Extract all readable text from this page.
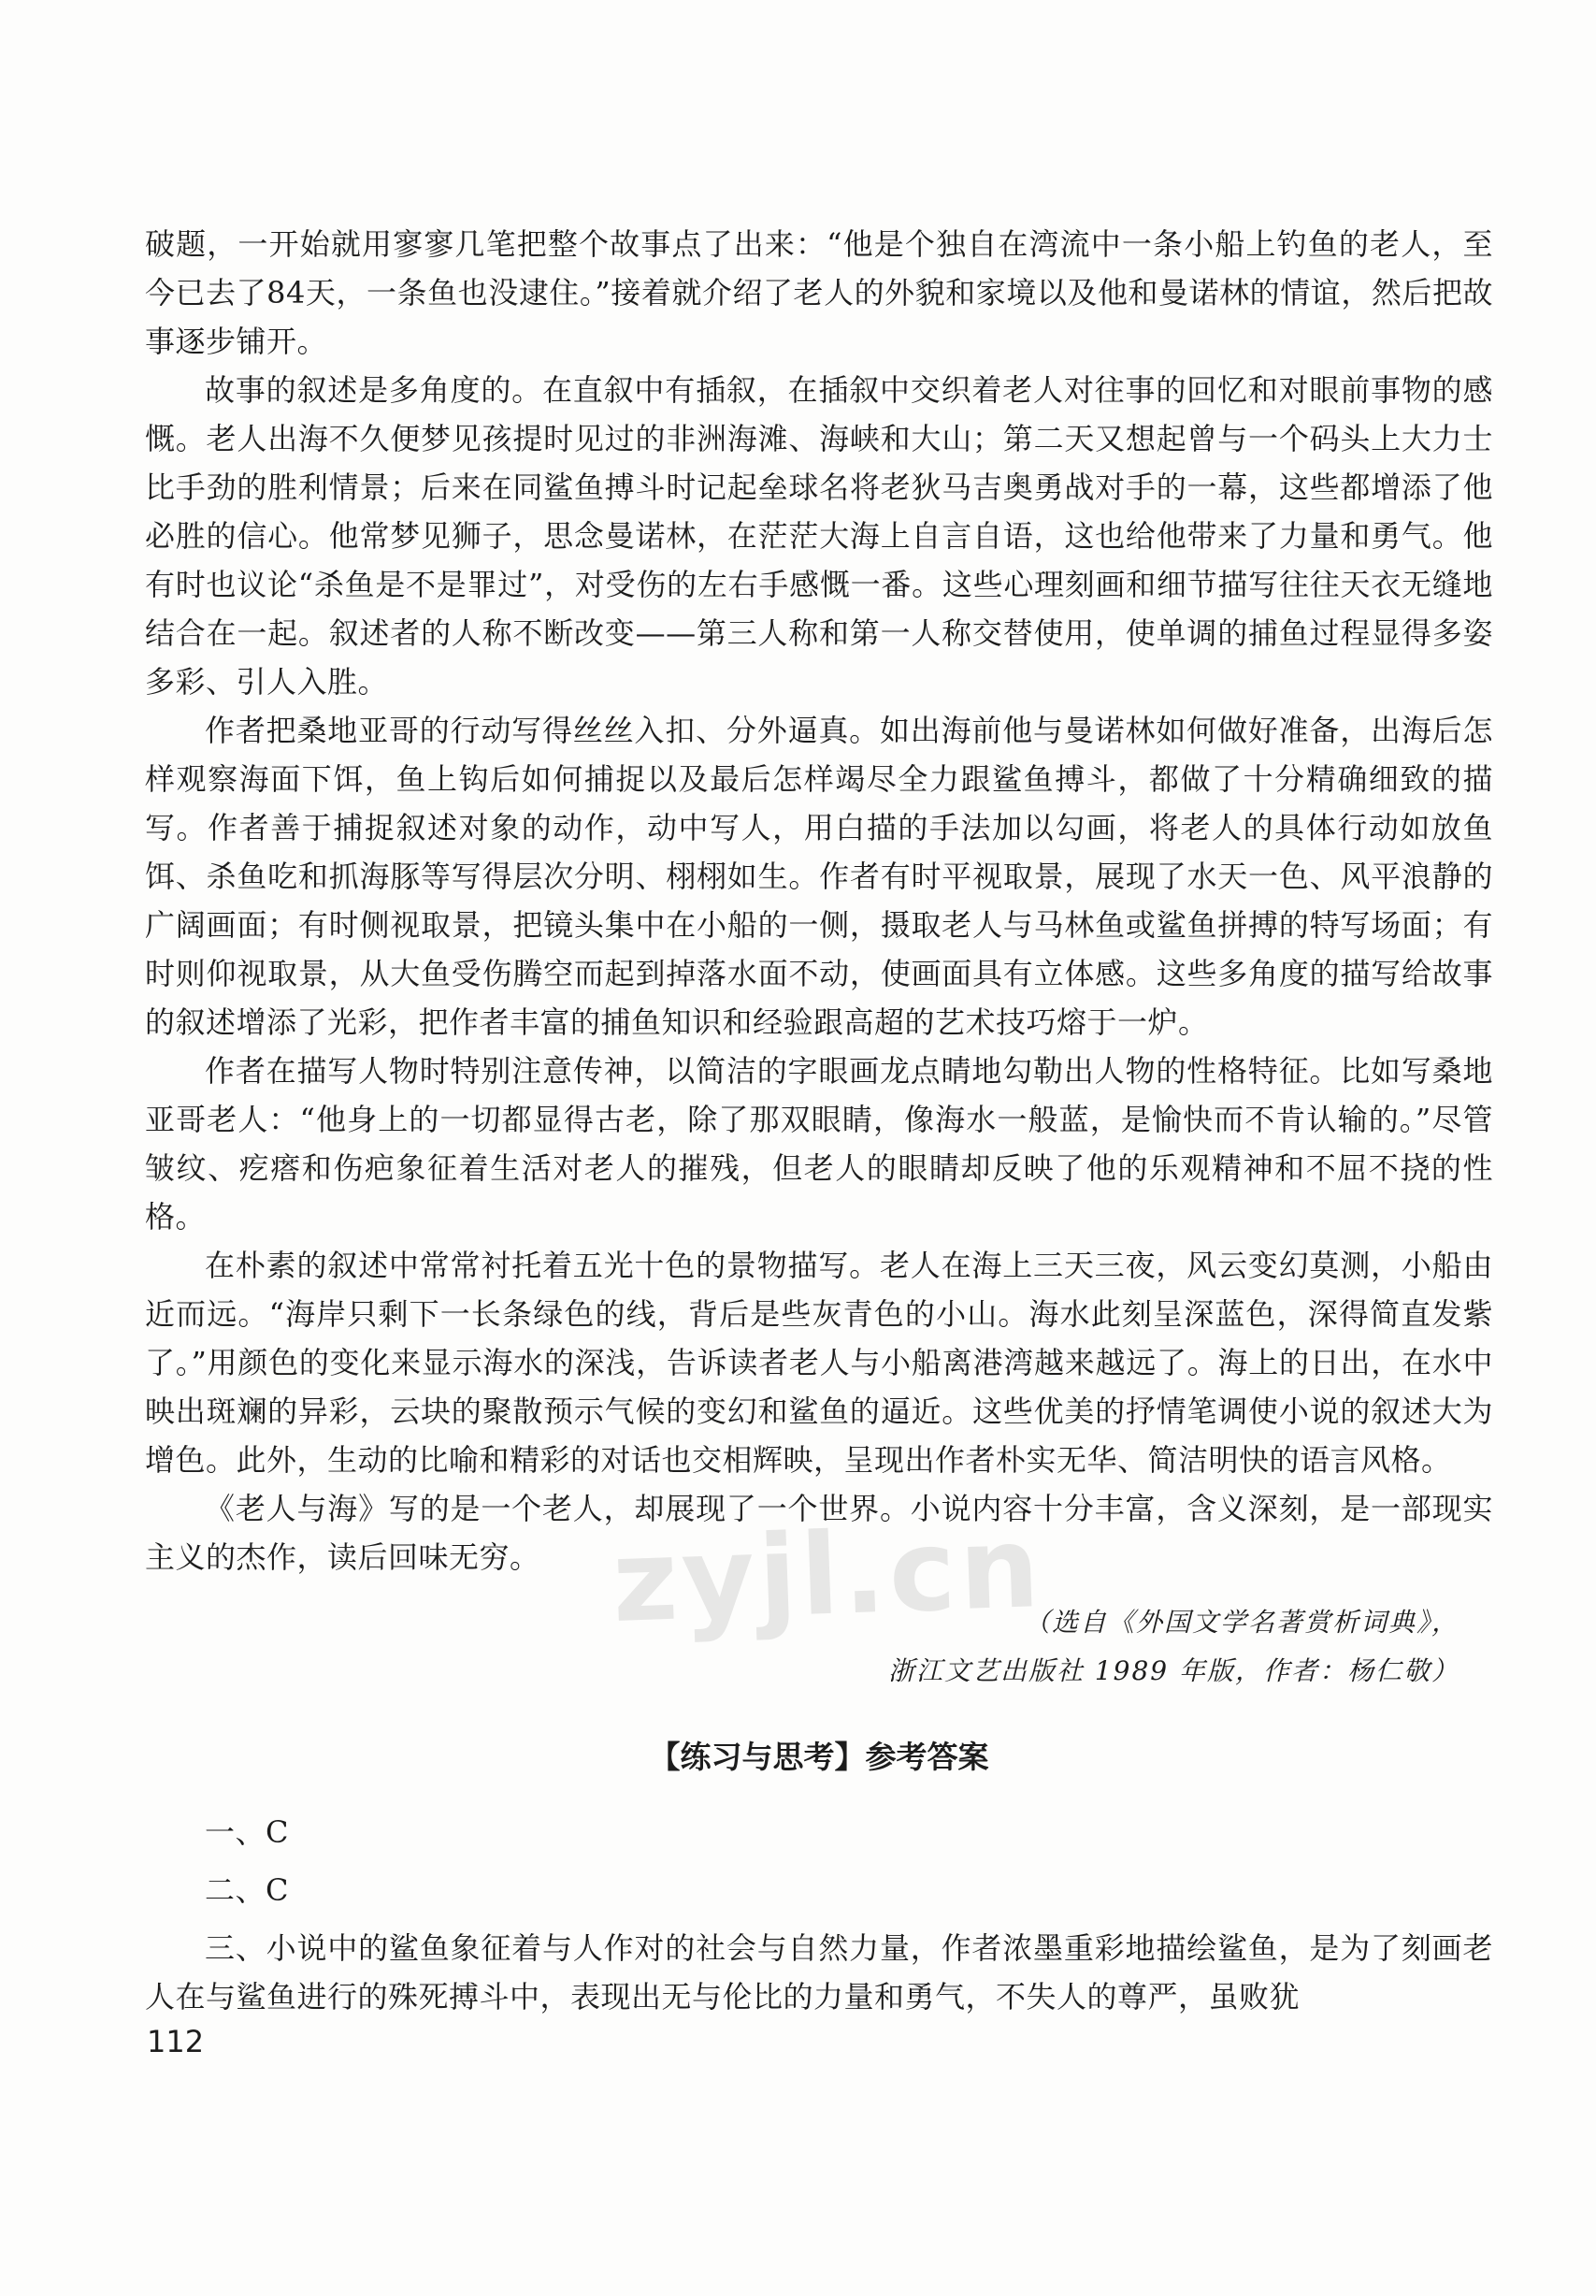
zyjl.cn

破题，一开始就用寥寥几笔把整个故事点了出来：“他是个独自在湾流中一条小船上钓鱼的老人，至今已去了84天，一条鱼也没逮住。”接着就介绍了老人的外貌和家境以及他和曼诺林的情谊，然后把故事逐步铺开。

故事的叙述是多角度的。在直叙中有插叙，在插叙中交织着老人对往事的回忆和对眼前事物的感慨。老人出海不久便梦见孩提时见过的非洲海滩、海峡和大山；第二天又想起曾与一个码头上大力士比手劲的胜利情景；后来在同鲨鱼搏斗时记起垒球名将老狄马吉奥勇战对手的一幕，这些都增添了他必胜的信心。他常梦见狮子，思念曼诺林，在茫茫大海上自言自语，这也给他带来了力量和勇气。他有时也议论“杀鱼是不是罪过”，对受伤的左右手感慨一番。这些心理刻画和细节描写往往天衣无缝地结合在一起。叙述者的人称不断改变——第三人称和第一人称交替使用，使单调的捕鱼过程显得多姿多彩、引人入胜。

作者把桑地亚哥的行动写得丝丝入扣、分外逼真。如出海前他与曼诺林如何做好准备，出海后怎样观察海面下饵，鱼上钩后如何捕捉以及最后怎样竭尽全力跟鲨鱼搏斗，都做了十分精确细致的描写。作者善于捕捉叙述对象的动作，动中写人，用白描的手法加以勾画，将老人的具体行动如放鱼饵、杀鱼吃和抓海豚等写得层次分明、栩栩如生。作者有时平视取景，展现了水天一色、风平浪静的广阔画面；有时侧视取景，把镜头集中在小船的一侧，摄取老人与马林鱼或鲨鱼拼搏的特写场面；有时则仰视取景，从大鱼受伤腾空而起到掉落水面不动，使画面具有立体感。这些多角度的描写给故事的叙述增添了光彩，把作者丰富的捕鱼知识和经验跟高超的艺术技巧熔于一炉。

作者在描写人物时特别注意传神，以简洁的字眼画龙点睛地勾勒出人物的性格特征。比如写桑地亚哥老人：“他身上的一切都显得古老，除了那双眼睛，像海水一般蓝，是愉快而不肯认输的。”尽管皱纹、疙瘩和伤疤象征着生活对老人的摧残，但老人的眼睛却反映了他的乐观精神和不屈不挠的性格。

在朴素的叙述中常常衬托着五光十色的景物描写。老人在海上三天三夜，风云变幻莫测，小船由近而远。“海岸只剩下一长条绿色的线，背后是些灰青色的小山。海水此刻呈深蓝色，深得简直发紫了。”用颜色的变化来显示海水的深浅，告诉读者老人与小船离港湾越来越远了。海上的日出，在水中映出斑斓的异彩，云块的聚散预示气候的变幻和鲨鱼的逼近。这些优美的抒情笔调使小说的叙述大为增色。此外，生动的比喻和精彩的对话也交相辉映，呈现出作者朴实无华、简洁明快的语言风格。

《老人与海》写的是一个老人，却展现了一个世界。小说内容十分丰富，含义深刻，是一部现实主义的杰作，读后回味无穷。

（选自《外国文学名著赏析词典》，
浙江文艺出版社 1989 年版，作者：杨仁敬）
【练习与思考】参考答案

一、C

二、C

三、小说中的鲨鱼象征着与人作对的社会与自然力量，作者浓墨重彩地描绘鲨鱼，是为了刻画老人在与鲨鱼进行的殊死搏斗中，表现出无与伦比的力量和勇气，不失人的尊严，虽败犹

112
